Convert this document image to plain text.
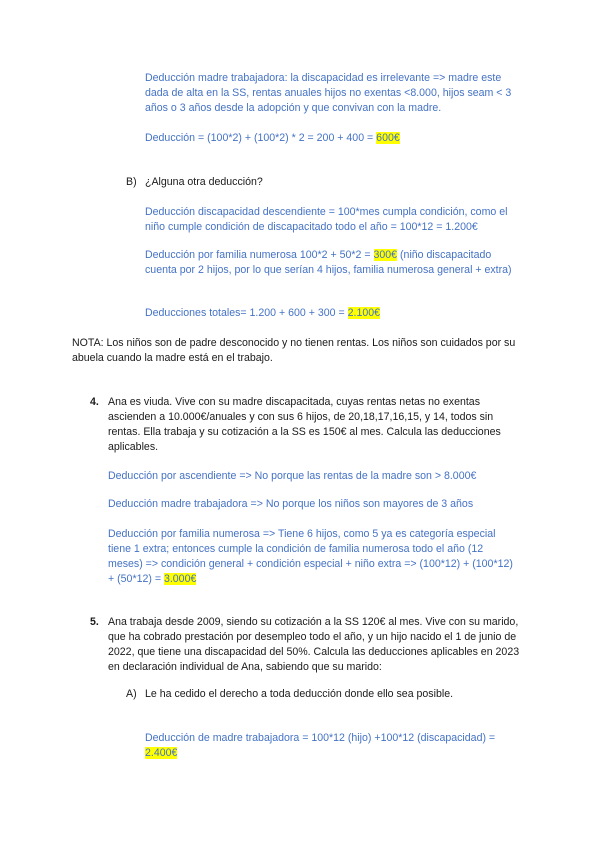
Deducción madre trabajadora: la discapacidad es irrelevante => madre este dada de alta en la SS, rentas anuales hijos no exentas <8.000, hijos seam < 3 años o 3 años desde la adopción y que convivan con la madre.

Deducción = (100*2) + (100*2) * 2 = 200 + 400 = 600€

B) ¿Alguna otra deducción?

Deducción discapacidad descendiente = 100*mes cumpla condición, como el niño cumple condición de discapacitado todo el año = 100*12 = 1.200€

Deducción por familia numerosa 100*2 + 50*2 = 300€ (niño discapacitado cuenta por 2 hijos, por lo que serían 4 hijos, familia numerosa general + extra)

Deducciones totales= 1.200 + 600 + 300 = 2.100€

NOTA: Los niños son de padre desconocido y no tienen rentas. Los niños son cuidados por su abuela cuando la madre está en el trabajo.

4. Ana es viuda. Vive con su madre discapacitada, cuyas rentas netas no exentas ascienden a 10.000€/anuales y con sus 6 hijos, de 20,18,17,16,15, y 14, todos sin rentas. Ella trabaja y su cotización a la SS es 150€ al mes. Calcula las deducciones aplicables.

Deducción por ascendiente => No porque las rentas de la madre son > 8.000€

Deducción madre trabajadora => No porque los niños son mayores de 3 años

Deducción por familia numerosa => Tiene 6 hijos, como 5 ya es categoría especial tiene 1 extra; entonces cumple la condición de familia numerosa todo el año (12 meses) => condición general + condición especial + niño extra => (100*12) + (100*12) + (50*12) = 3.000€

5. Ana trabaja desde 2009, siendo su cotización a la SS 120€ al mes. Vive con su marido, que ha cobrado prestación por desempleo todo el año, y un hijo nacido el 1 de junio de 2022, que tiene una discapacidad del 50%. Calcula las deducciones aplicables en 2023 en declaración individual de Ana, sabiendo que su marido:

A) Le ha cedido el derecho a toda deducción donde ello sea posible.

Deducción de madre trabajadora = 100*12 (hijo) +100*12 (discapacidad) = 2.400€
